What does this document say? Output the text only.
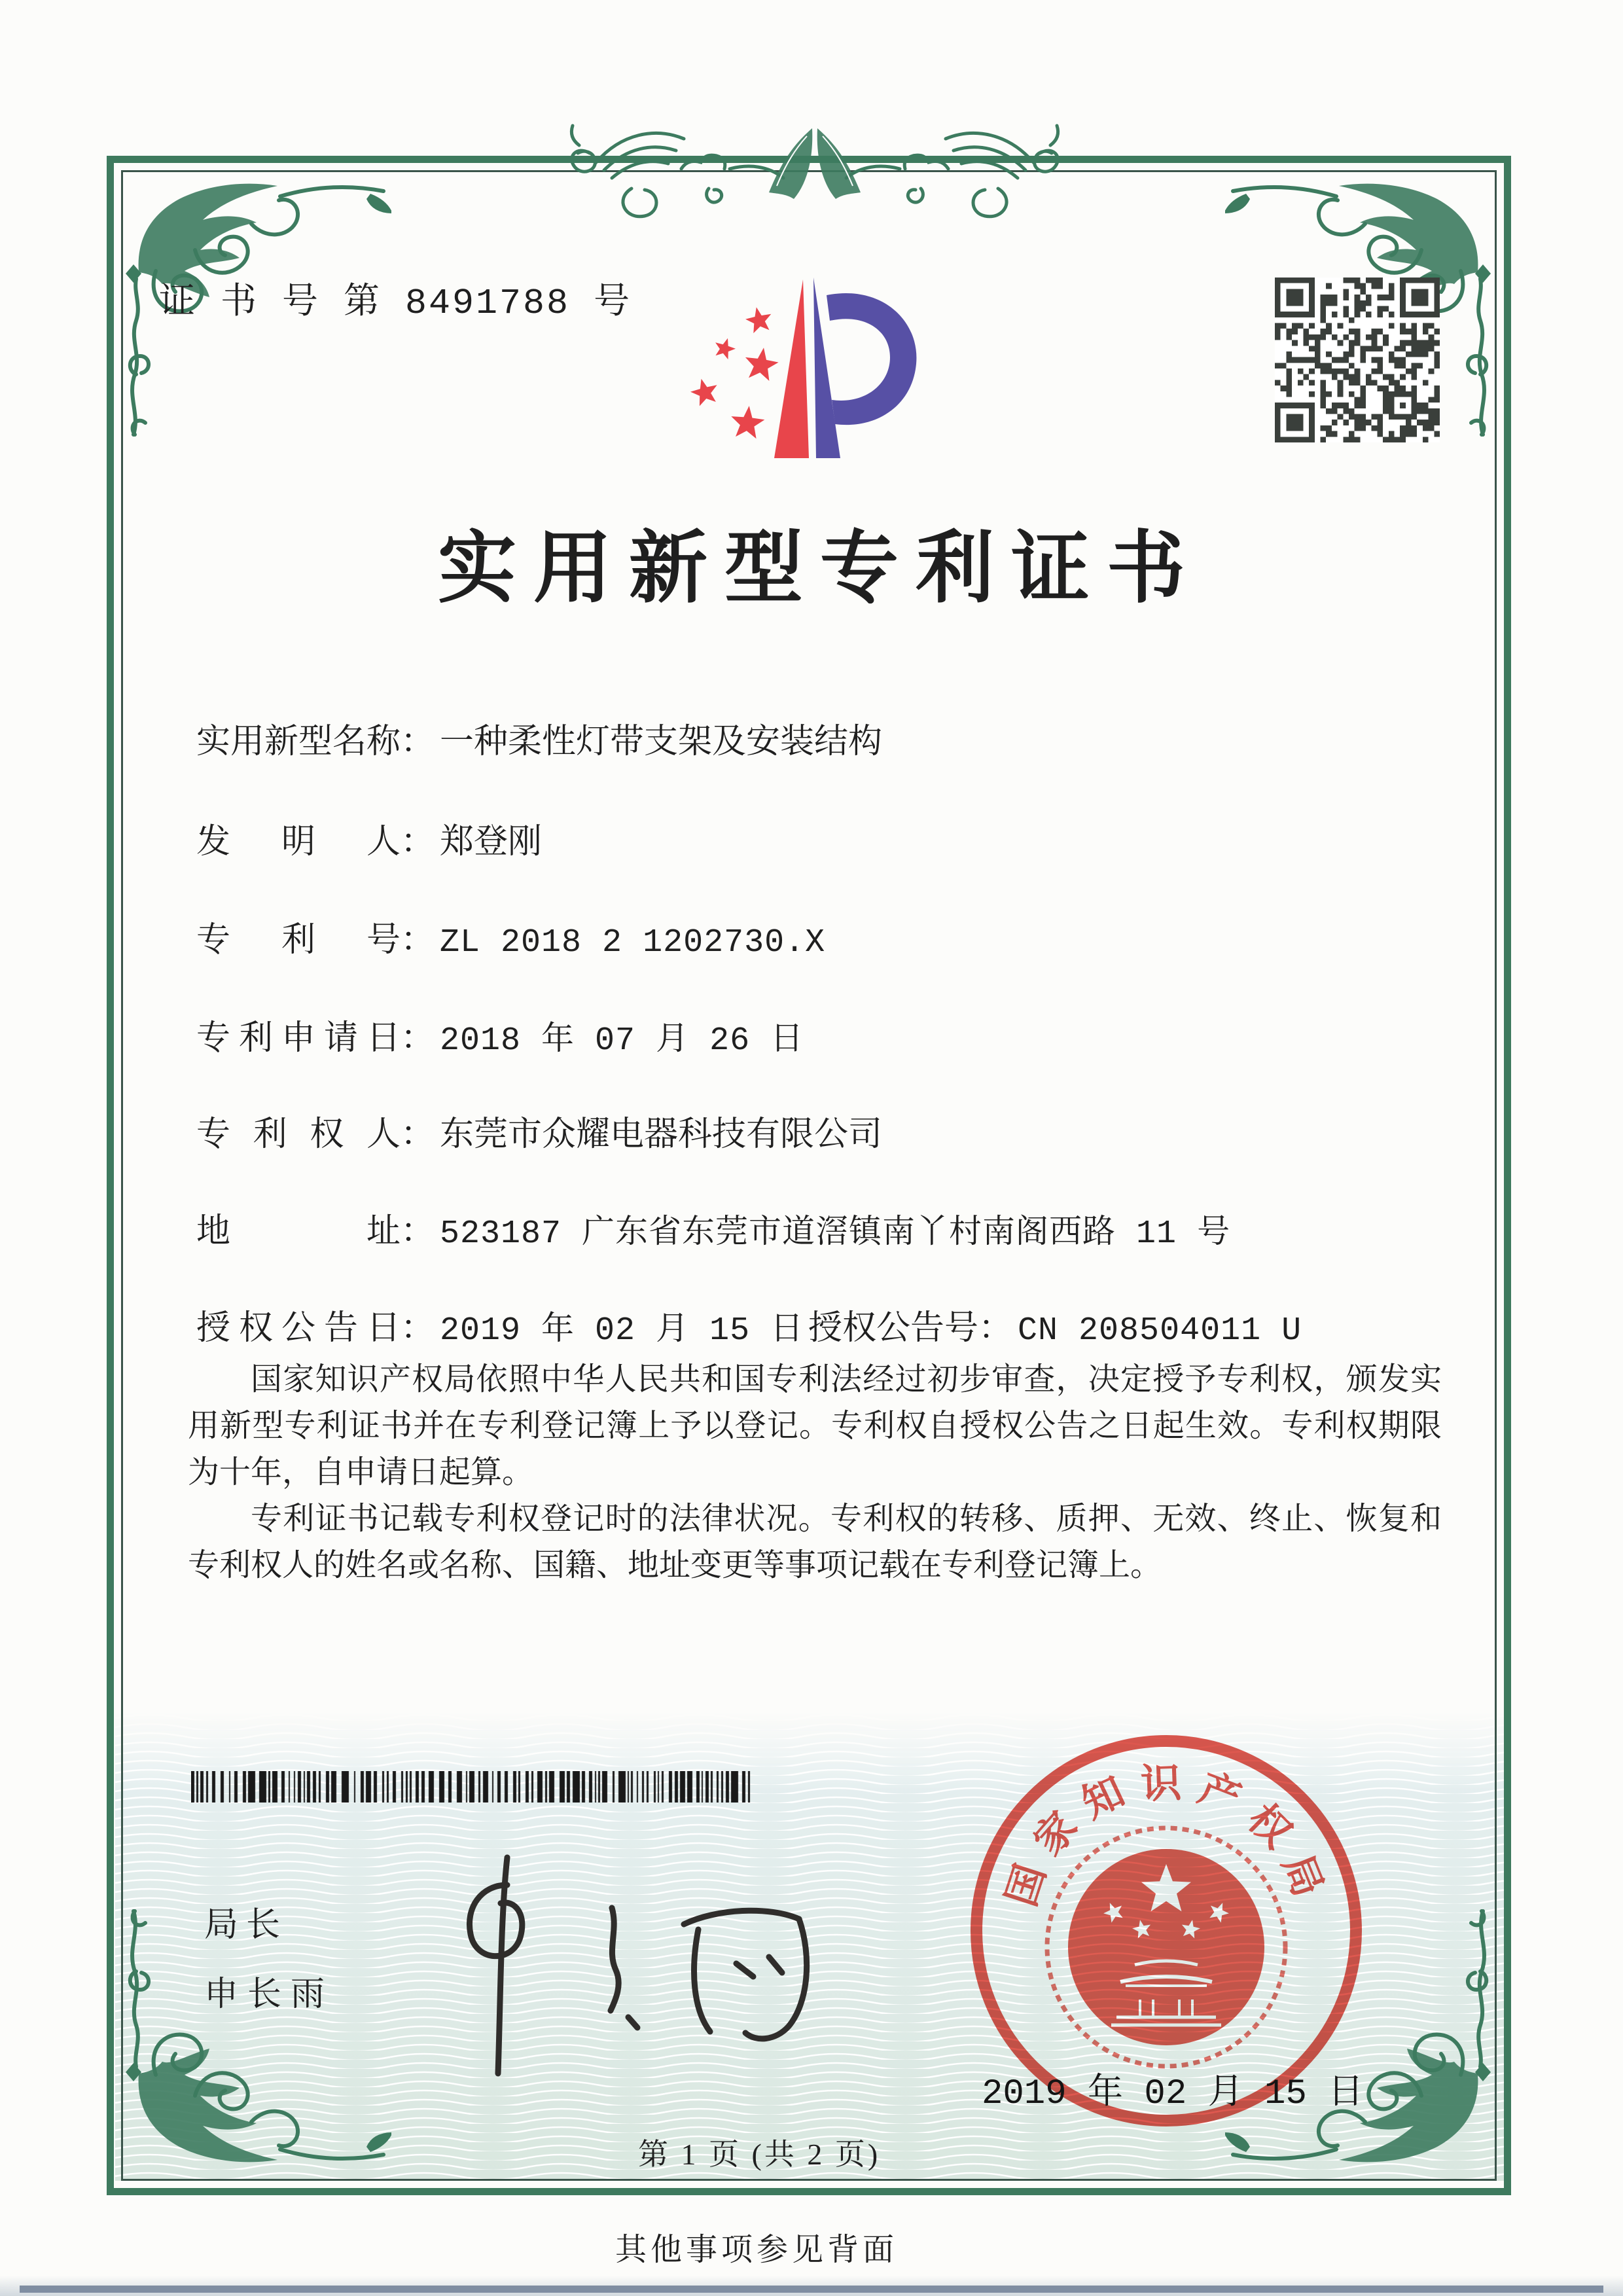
证 书 号 第 8491788 号
实用新型专利证书
实用新型名称： 一种柔性灯带支架及安装结构
发明人： 郑登刚
专利号： ZL 2018 2 1202730.X
专利申请日： 2018 年 07 月 26 日
专利权人： 东莞市众耀电器科技有限公司
地址： 523187 广东省东莞市道滘镇南丫村南阁西路 11 号
授权公告日： 2019 年 02 月 15 日 授权公告号： CN 208504011 U

国家知识产权局依照中华人民共和国专利法经过初步审查，决定授予专利权，颁发实用新型专利证书并在专利登记簿上予以登记。专利权自授权公告之日起生效。专利权期限为十年，自申请日起算。

专利证书记载专利权登记时的法律状况。专利权的转移、质押、无效、终止、恢复和专利权人的姓名或名称、国籍、地址变更等事项记载在专利登记簿上。

局长
申长雨
国
家
知 识 产
权
局
2019 年 02 月 15 日
第 1 页 (共 2 页)
其他事项参见背面
